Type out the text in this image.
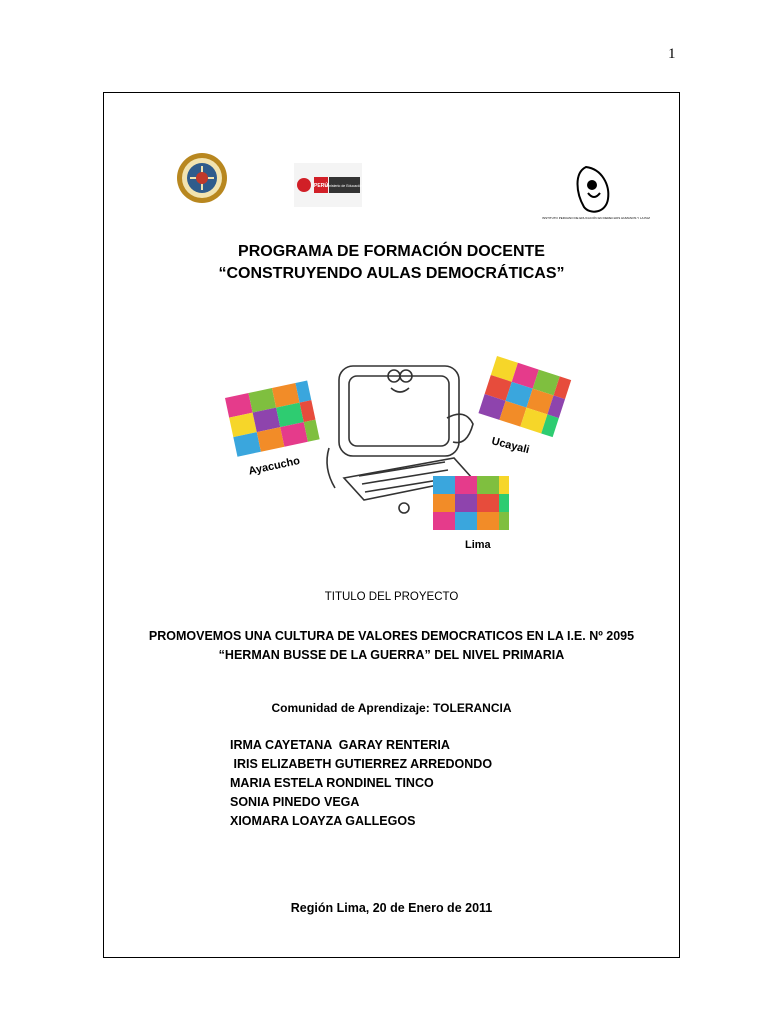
1
PERÚ
Ministerio de Educación
INSTITUTO PERUANO DE EDUCACIÓN EN DERECHOS HUMANOS Y LA PAZ
PROGRAMA DE FORMACIÓN DOCENTE
“CONSTRUYENDO AULAS DEMOCRÁTICAS”
Ayacucho
Ucayali
Lima
TITULO DEL PROYECTO
PROMOVEMOS UNA CULTURA DE VALORES DEMOCRATICOS EN LA I.E. Nº 2095
“HERMAN BUSSE DE LA GUERRA” DEL NIVEL PRIMARIA
Comunidad de Aprendizaje: TOLERANCIA
IRMA CAYETANA  GARAY RENTERIA
IRIS ELIZABETH GUTIERREZ ARREDONDO
MARIA ESTELA RONDINEL TINCO
SONIA PINEDO VEGA
XIOMARA LOAYZA GALLEGOS
Región Lima, 20 de Enero de 2011
